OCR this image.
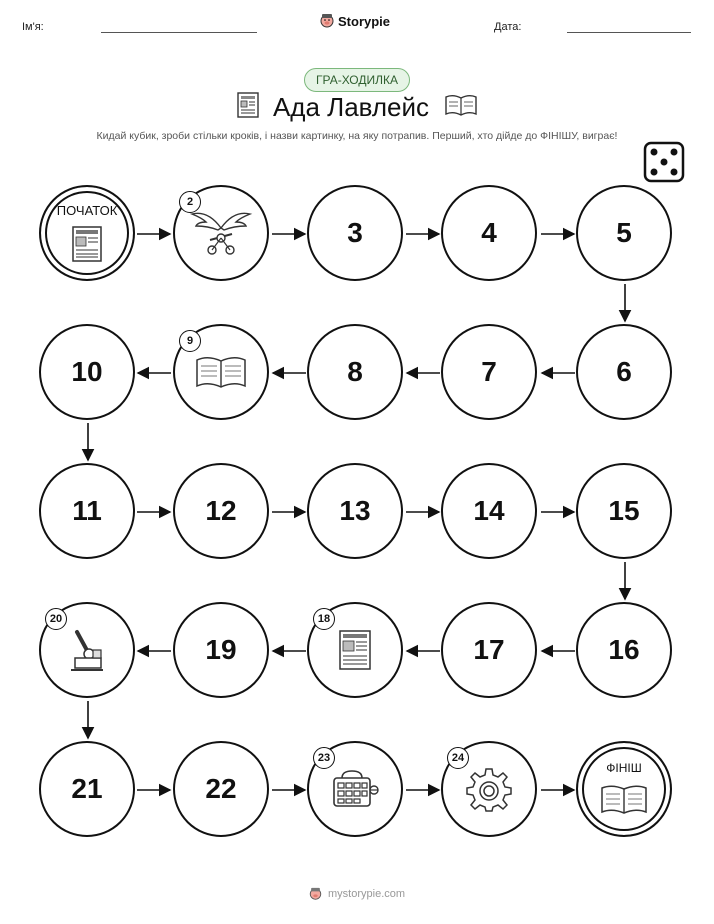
Ім'я:	Storypie	Дата:
ГРА-ХОДИЛКА
Ада Лавлейс
Кидай кубик, зроби стільки кроків, і назви картинку, на яку потрапив. Перший, хто дійде до ФІНІШУ, виграє!
ПОЧАТОК
2
3	4	5
6
7
8
9
10
11	12	13	14	15
16
17
18
19
20
21	22
23	24
ФІНІШ
mystorypie.com
